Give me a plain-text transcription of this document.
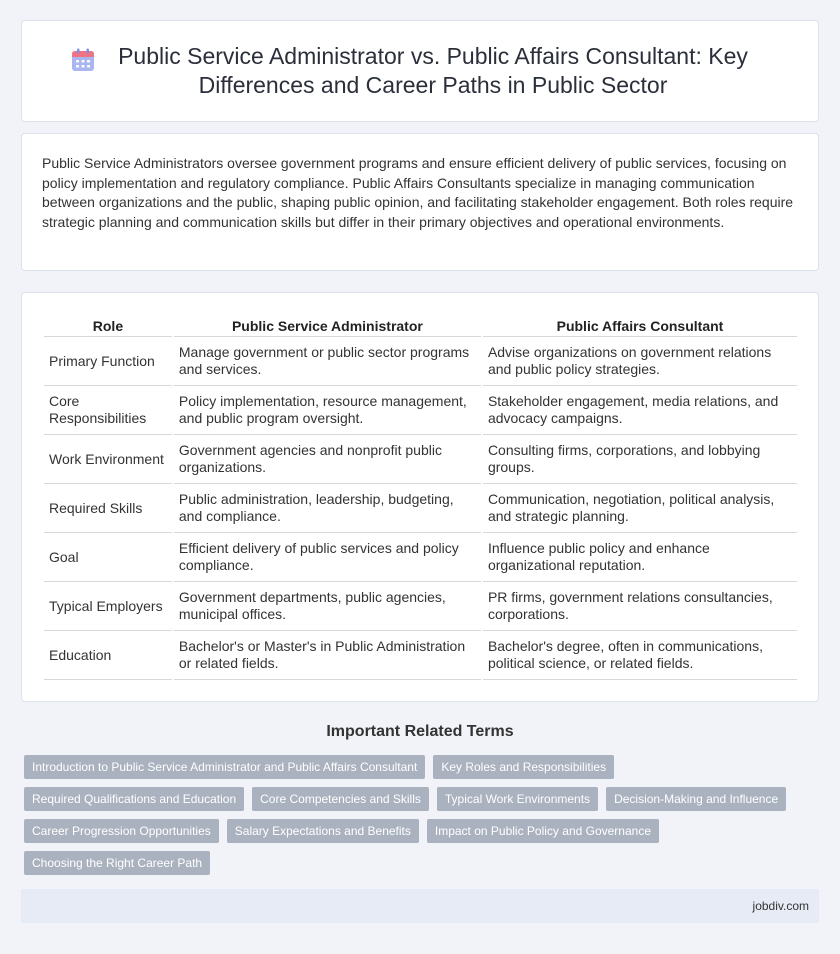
Public Service Administrator vs. Public Affairs Consultant: Key Differences and Career Paths in Public Sector

Public Service Administrators oversee government programs and ensure efficient delivery of public services, focusing on policy implementation and regulatory compliance. Public Affairs Consultants specialize in managing communication between organizations and the public, shaping public opinion, and facilitating stakeholder engagement. Both roles require strategic planning and communication skills but differ in their primary objectives and operational environments.

Role	Public Service Administrator	Public Affairs Consultant
Primary Function	Manage government or public sector programs and services.	Advise organizations on government relations and public policy strategies.
Core Responsibilities	Policy implementation, resource management, and public program oversight.	Stakeholder engagement, media relations, and advocacy campaigns.
Work Environment	Government agencies and nonprofit public organizations.	Consulting firms, corporations, and lobbying groups.
Required Skills	Public administration, leadership, budgeting, and compliance.	Communication, negotiation, political analysis, and strategic planning.
Goal	Efficient delivery of public services and policy compliance.	Influence public policy and enhance organizational reputation.
Typical Employers	Government departments, public agencies, municipal offices.	PR firms, government relations consultancies, corporations.
Education	Bachelor's or Master's in Public Administration or related fields.	Bachelor's degree, often in communications, political science, or related fields.
Important Related Terms
Introduction to Public Service Administrator and Public Affairs Consultant	Key Roles and Responsibilities
Required Qualifications and Education	Core Competencies and Skills	Typical Work Environments	Decision-Making and Influence
Career Progression Opportunities	Salary Expectations and Benefits	Impact on Public Policy and Governance
Choosing the Right Career Path
jobdiv.com
